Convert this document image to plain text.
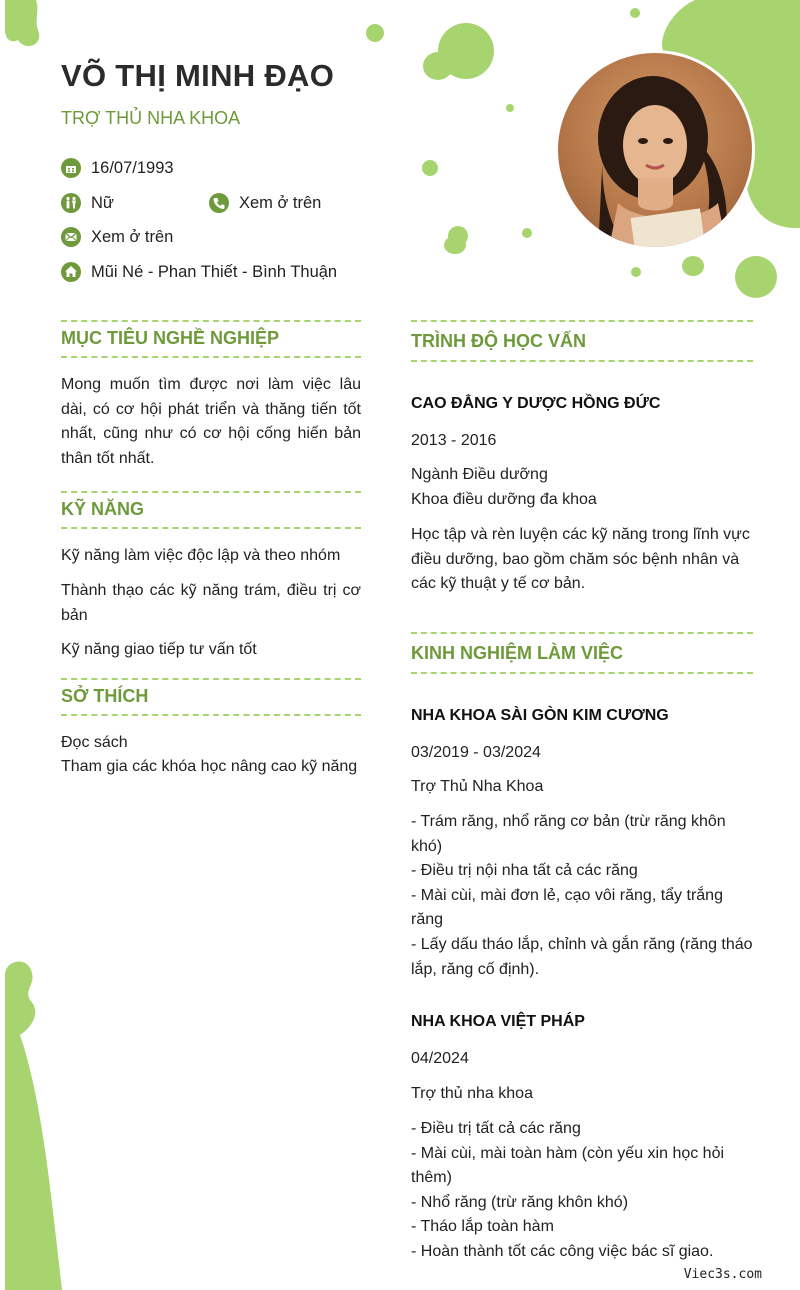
VÕ THỊ MINH ĐẠO
TRỢ THỦ NHA KHOA
16/07/1993
Nữ	Xem ở trên
Xem ở trên
Mũi Né - Phan Thiết - Bình Thuận
MỤC TIÊU NGHỀ NGHIỆP
Mong muốn tìm được nơi làm việc lâu dài, có cơ hội phát triển và thăng tiến tốt nhất, cũng như có cơ hội cống hiến bản thân tốt nhất.
KỸ NĂNG
Kỹ năng làm việc độc lập và theo nhóm
Thành thạo các kỹ năng trám, điều trị cơ bản
Kỹ năng giao tiếp tư vấn tốt
SỞ THÍCH
Đọc sách
Tham gia các khóa học nâng cao kỹ năng
TRÌNH ĐỘ HỌC VẤN
CAO ĐẲNG Y DƯỢC HỒNG ĐỨC
2013 - 2016
Ngành Điều dưỡng
Khoa điều dưỡng đa khoa
Học tập và rèn luyện các kỹ năng trong lĩnh vực điều dưỡng, bao gồm chăm sóc bệnh nhân và các kỹ thuật y tế cơ bản.
KINH NGHIỆM LÀM VIỆC
NHA KHOA SÀI GÒN KIM CƯƠNG
03/2019 - 03/2024
Trợ Thủ Nha Khoa
- Trám răng, nhổ răng cơ bản (trừ răng khôn khó)
- Điều trị nội nha tất cả các răng
- Mài cùi, mài đơn lẻ, cạo vôi răng, tẩy trắng răng
- Lấy dấu tháo lắp, chỉnh và gắn răng (răng tháo lắp, răng cố định).
NHA KHOA VIỆT PHÁP
04/2024
Trợ thủ nha khoa
- Điều trị tất cả các răng
- Mài cùi, mài toàn hàm (còn yếu xin học hỏi thêm)
- Nhổ răng (trừ răng khôn khó)
- Tháo lắp toàn hàm
- Hoàn thành tốt các công việc bác sĩ giao.
Viec3s.com
